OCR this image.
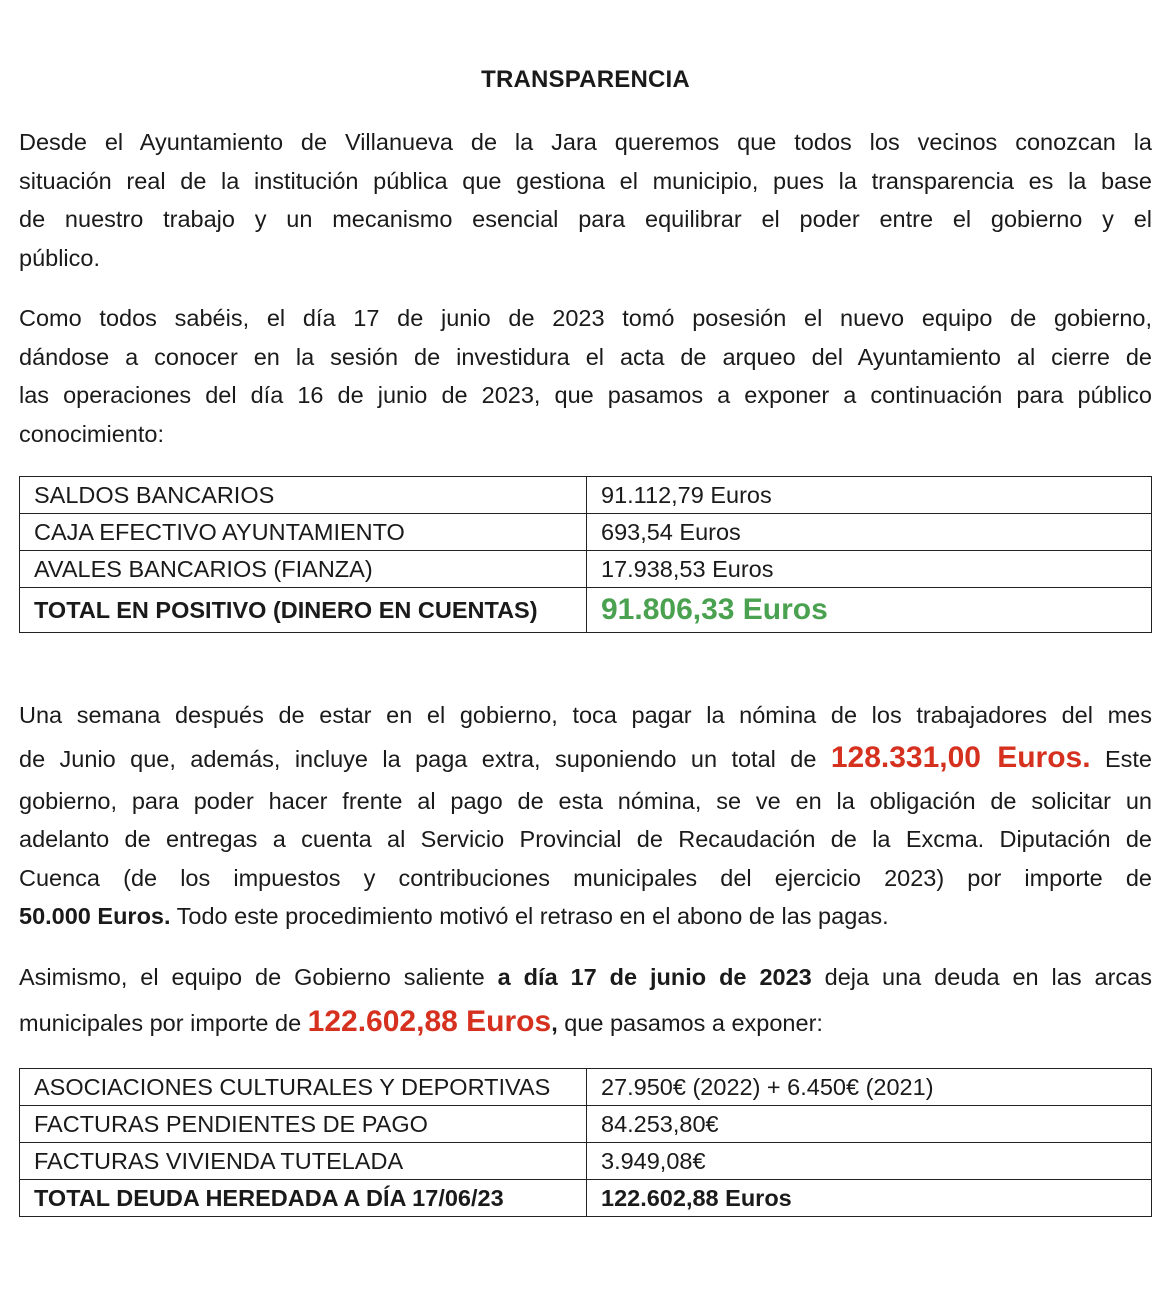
TRANSPARENCIA

Desde el Ayuntamiento de Villanueva de la Jara queremos que todos los vecinos conozcan la
situación real de la institución pública que gestiona el municipio, pues la transparencia es la base
de nuestro trabajo y un mecanismo esencial para equilibrar el poder entre el gobierno y el
público.

Como todos sabéis, el día 17 de junio de 2023 tomó posesión el nuevo equipo de gobierno,
dándose a conocer en la sesión de investidura el acta de arqueo del Ayuntamiento al cierre de
las operaciones del día 16 de junio de 2023, que pasamos a exponer a continuación para público
conocimiento:

SALDOS BANCARIOS	91.112,79 Euros
CAJA EFECTIVO AYUNTAMIENTO	693,54 Euros
AVALES BANCARIOS (FIANZA)	17.938,53 Euros
TOTAL EN POSITIVO (DINERO EN CUENTAS)	91.806,33 Euros

Una semana después de estar en el gobierno, toca pagar la nómina de los trabajadores del mes
de Junio que, además, incluye la paga extra, suponiendo un total de 128.331,00 Euros. Este
gobierno, para poder hacer frente al pago de esta nómina, se ve en la obligación de solicitar un
adelanto de entregas a cuenta al Servicio Provincial de Recaudación de la Excma. Diputación de
Cuenca (de los impuestos y contribuciones municipales del ejercicio 2023) por importe de
50.000 Euros. Todo este procedimiento motivó el retraso en el abono de las pagas.

Asimismo, el equipo de Gobierno saliente a día 17 de junio de 2023 deja una deuda en las arcas
municipales por importe de 122.602,88 Euros, que pasamos a exponer:

ASOCIACIONES CULTURALES Y DEPORTIVAS	27.950€ (2022) + 6.450€ (2021)
FACTURAS PENDIENTES DE PAGO	84.253,80€
FACTURAS VIVIENDA TUTELADA	3.949,08€
TOTAL DEUDA HEREDADA A DÍA 17/06/23	122.602,88 Euros
